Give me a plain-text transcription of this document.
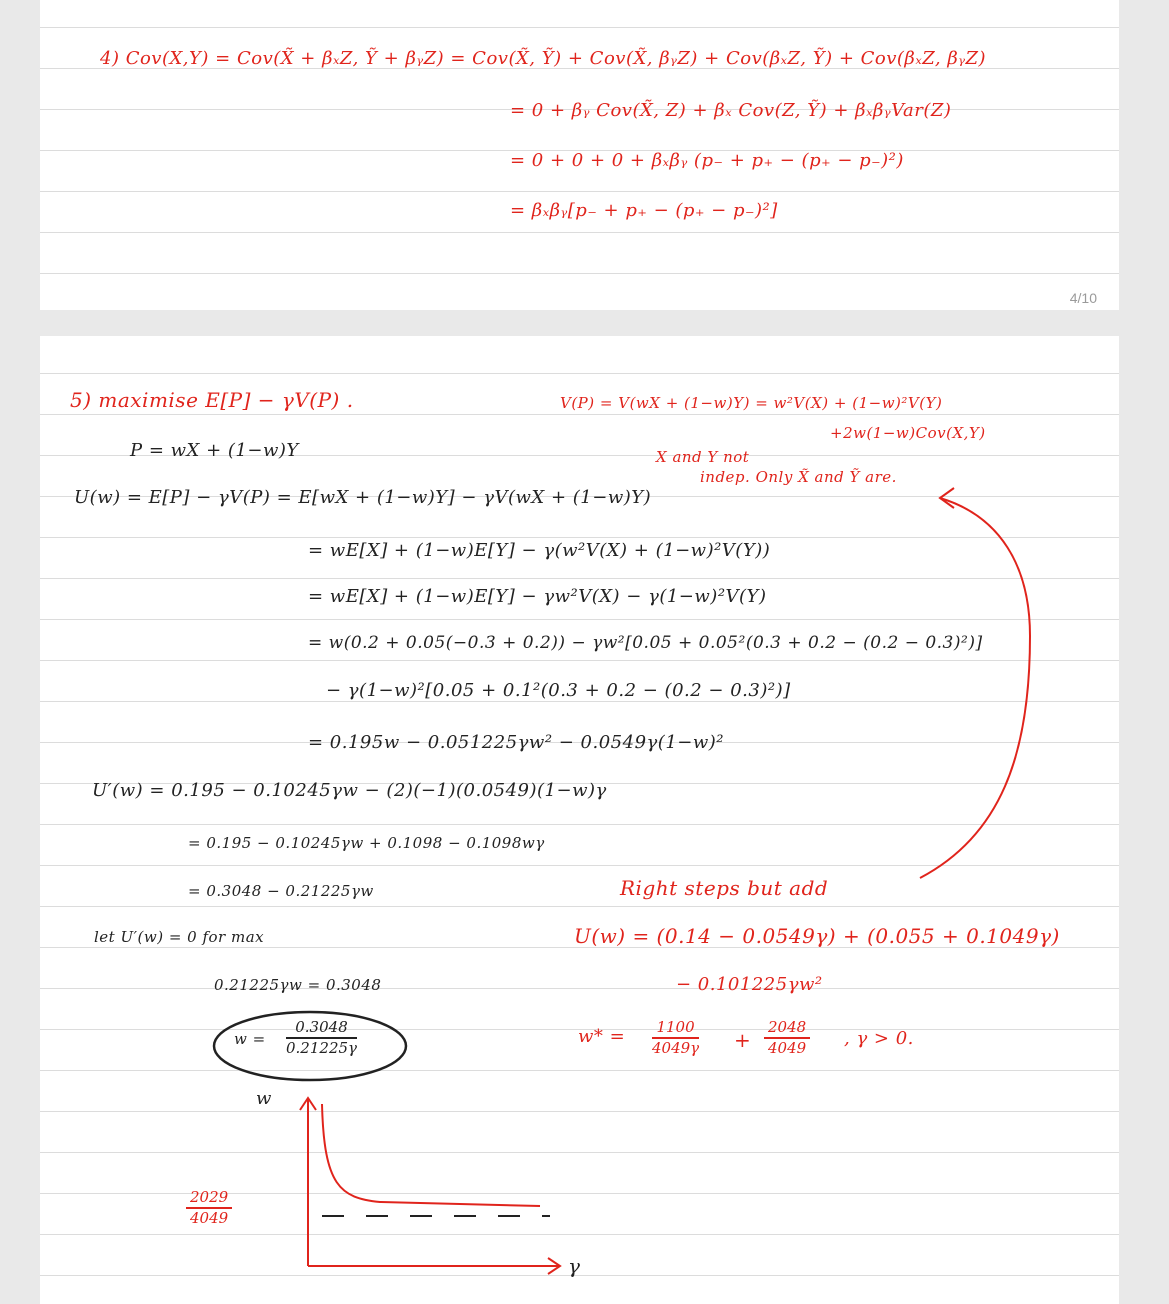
4) Cov(X,Y) = Cov(X̃ + βₓZ, Ỹ + βᵧZ) = Cov(X̃, Ỹ) + Cov(X̃, βᵧZ) + Cov(βₓZ, Ỹ) + Cov(βₓZ, βᵧZ)
= 0 + βᵧ Cov(X̃, Z) + βₓ Cov(Z, Ỹ) + βₓβᵧVar(Z)
= 0 + 0 + 0 + βₓβᵧ (p₋ + p₊ − (p₊ − p₋)²)
= βₓβᵧ[p₋ + p₊ − (p₊ − p₋)²]
4/10
5) maximise E[P] − γV(P) .
P = wX + (1−w)Y
U(w) = E[P] − γV(P) = E[wX + (1−w)Y] − γV(wX + (1−w)Y)
= wE[X] + (1−w)E[Y] − γ(w²V(X) + (1−w)²V(Y))
= wE[X] + (1−w)E[Y] − γw²V(X) − γ(1−w)²V(Y)
= w(0.2 + 0.05(−0.3 + 0.2)) − γw²[0.05 + 0.05²(0.3 + 0.2 − (0.2 − 0.3)²)]
− γ(1−w)²[0.05 + 0.1²(0.3 + 0.2 − (0.2 − 0.3)²)]
= 0.195w − 0.051225γw² − 0.0549γ(1−w)²
U′(w) = 0.195 − 0.10245γw − (2)(−1)(0.0549)(1−w)γ
= 0.195 − 0.10245γw + 0.1098 − 0.1098wγ
= 0.3048 − 0.21225γw
let U′(w) = 0 for max
0.21225γw = 0.3048
$w = \frac{0.3048}{0.21225\gamma}$
w
γ
$\frac{2029}{4049}$
V(P) = V(wX + (1−w)Y) = w²V(X) + (1−w)²V(Y)
+2w(1−w)Cov(X,Y)
X and Y not
indep. Only X̃ and Ỹ are.
Right steps but add
U(w) = (0.14 − 0.0549γ) + (0.055 + 0.1049γ)
− 0.101225γw²
$w* = \frac{1100}{4049\gamma} + \frac{2048}{4049}$ , γ > 0.
